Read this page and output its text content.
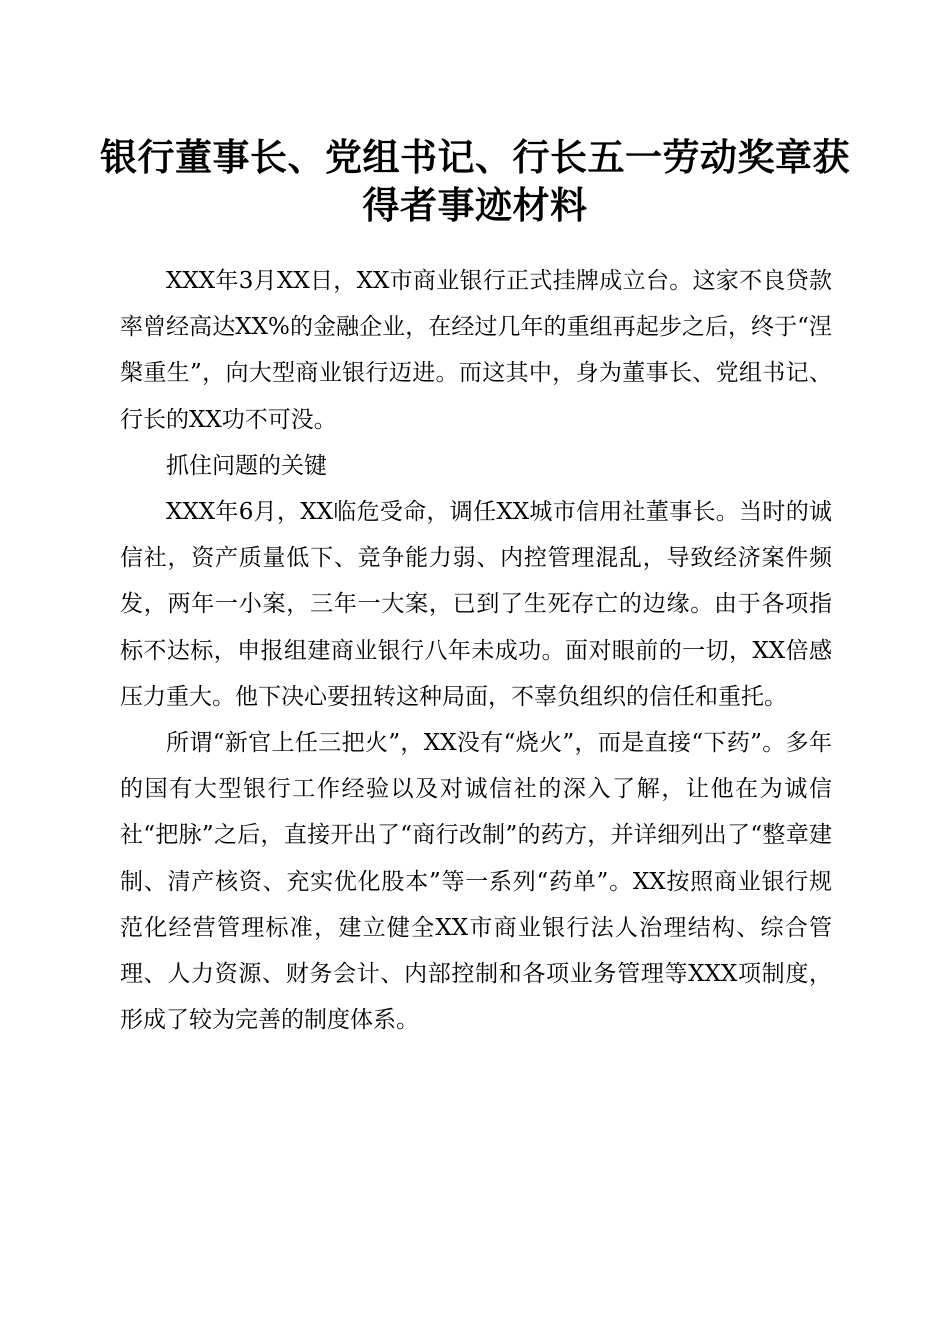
银行董事长、党组书记、行长五一劳动奖章获得者事迹材料

XXX年3月XX日，XX市商业银行正式挂牌成立台。这家不良贷款率曾经高达XX%的金融企业，在经过几年的重组再起步之后，终于“涅槃重生”，向大型商业银行迈进。而这其中，身为董事长、党组书记、行长的XX功不可没。

抓住问题的关键

XXX年6月，XX临危受命，调任XX城市信用社董事长。当时的诚信社，资产质量低下、竞争能力弱、内控管理混乱，导致经济案件频发，两年一小案，三年一大案，已到了生死存亡的边缘。由于各项指标不达标，申报组建商业银行八年未成功。面对眼前的一切，XX倍感压力重大。他下决心要扭转这种局面，不辜负组织的信任和重托。

所谓“新官上任三把火”，XX没有“烧火”，而是直接“下药”。多年的国有大型银行工作经验以及对诚信社的深入了解，让他在为诚信社“把脉”之后，直接开出了“商行改制”的药方，并详细列出了“整章建制、清产核资、充实优化股本”等一系列“药单”。XX按照商业银行规范化经营管理标准，建立健全XX市商业银行法人治理结构、综合管理、人力资源、财务会计、内部控制和各项业务管理等XXX项制度，形成了较为完善的制度体系。
